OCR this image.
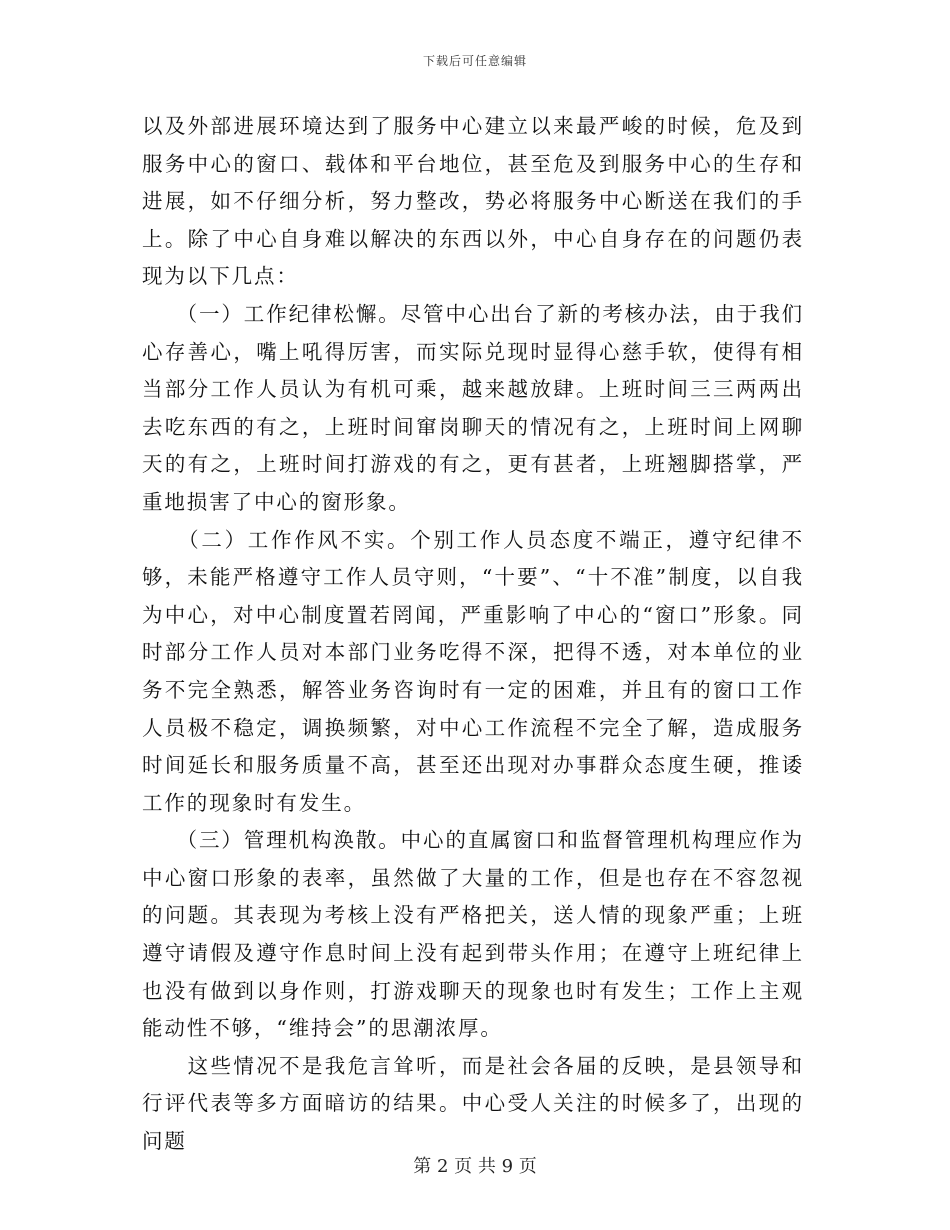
下载后可任意编辑

以及外部进展环境达到了服务中心建立以来最严峻的时候，危及到服务中心的窗口、载体和平台地位，甚至危及到服务中心的生存和进展，如不仔细分析，努力整改，势必将服务中心断送在我们的手上。除了中心自身难以解决的东西以外，中心自身存在的问题仍表现为以下几点：

　　（一）工作纪律松懈。尽管中心出台了新的考核办法，由于我们心存善心，嘴上吼得厉害，而实际兑现时显得心慈手软，使得有相当部分工作人员认为有机可乘，越来越放肆。上班时间三三两两出去吃东西的有之，上班时间窜岗聊天的情况有之，上班时间上网聊天的有之，上班时间打游戏的有之，更有甚者，上班翘脚搭掌，严重地损害了中心的窗形象。

　　（二）工作作风不实。个别工作人员态度不端正，遵守纪律不够，未能严格遵守工作人员守则，“十要”、“十不准”制度，以自我为中心，对中心制度置若罔闻，严重影响了中心的“窗口”形象。同时部分工作人员对本部门业务吃得不深，把得不透，对本单位的业务不完全熟悉，解答业务咨询时有一定的困难，并且有的窗口工作人员极不稳定，调换频繁，对中心工作流程不完全了解，造成服务时间延长和服务质量不高，甚至还出现对办事群众态度生硬，推诿工作的现象时有发生。

　　（三）管理机构涣散。中心的直属窗口和监督管理机构理应作为中心窗口形象的表率，虽然做了大量的工作，但是也存在不容忽视的问题。其表现为考核上没有严格把关，送人情的现象严重；上班遵守请假及遵守作息时间上没有起到带头作用；在遵守上班纪律上也没有做到以身作则，打游戏聊天的现象也时有发生；工作上主观能动性不够，“维持会”的思潮浓厚。

　　这些情况不是我危言耸听，而是社会各届的反映，是县领导和行评代表等多方面暗访的结果。中心受人关注的时候多了，出现的问题

第 2 页 共 9 页
